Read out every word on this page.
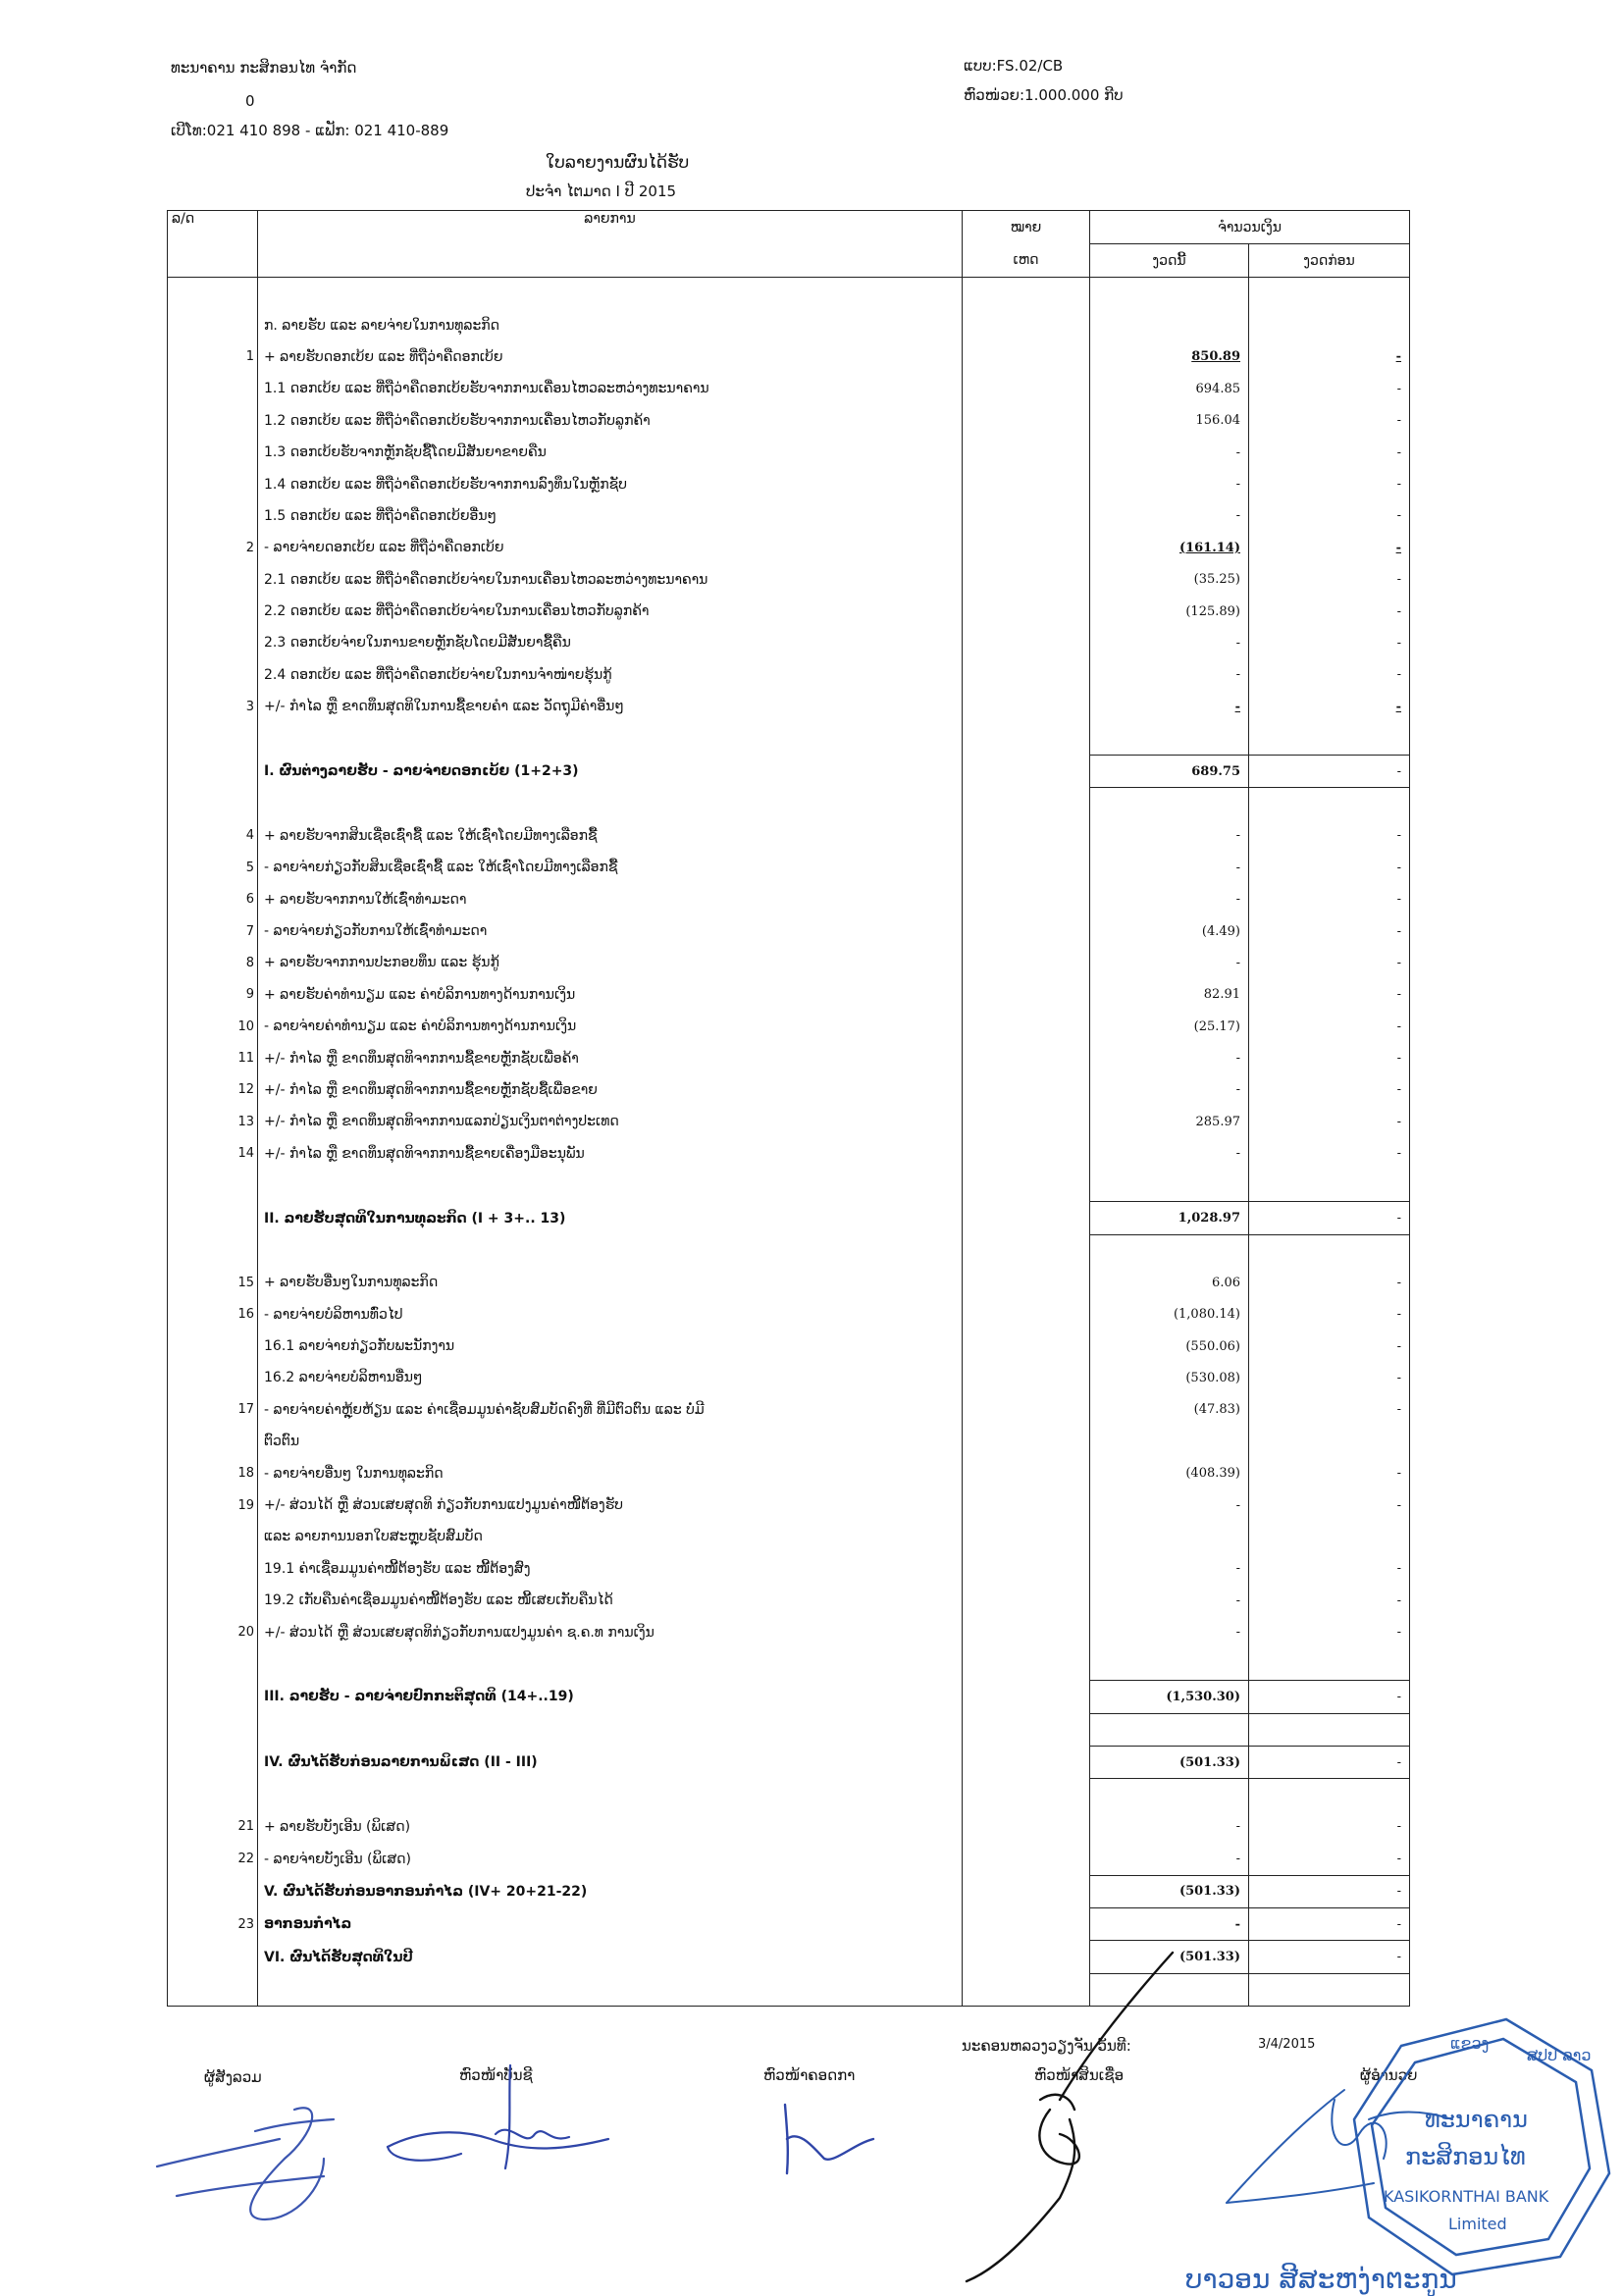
ທະນາຄານ ກະສິກອນໄທ ຈຳກັດ
0
ເບີໂທ:021 410 898 - ແຟັກ: 021 410-889
ແບບ:FS.02/CB
ຫົວໜ່ວຍ:1.000.000 ກີບ
ໃບລາຍງານຜົນໄດ້ຮັບ
ປະຈຳ ໄຕມາດ I ປີ 2015
ລ/ດ	ລາຍການ	ໝາຍ	ຈຳນວນເງິນ	
		ເຫດ	ງວດນີ້	ງວດກ່ອນ

	ກ. ລາຍຮັບ ແລະ ລາຍຈ່າຍໃນການທຸລະກິດ			
1	+ ລາຍຮັບດອກເບ້ຍ ແລະ ທີ່ຖືວ່າຄືດອກເບ້ຍ		850.89	-
	1.1 ດອກເບ້ຍ ແລະ ທີ່ຖືວ່າຄືດອກເບ້ຍຮັບຈາກການເຄື່ອນໄຫວລະຫວ່າງທະນາຄານ		694.85	-
	1.2 ດອກເບ້ຍ ແລະ ທີ່ຖືວ່າຄືດອກເບ້ຍຮັບຈາກການເຄື່ອນໄຫວກັບລູກຄ້າ		156.04	-
	1.3 ດອກເບ້ຍຮັບຈາກຫຼັກຊັບຊື້ໂດຍມີສັນຍາຂາຍຄືນ		-	-
	1.4 ດອກເບ້ຍ ແລະ ທີ່ຖືວ່າຄືດອກເບ້ຍຮັບຈາກການລົງທຶນໃນຫຼັກຊັບ		-	-
	1.5 ດອກເບ້ຍ ແລະ ທີ່ຖືວ່າຄືດອກເບ້ຍອື່ນໆ		-	-
2	- ລາຍຈ່າຍດອກເບ້ຍ ແລະ ທີ່ຖືວ່າຄືດອກເບ້ຍ		(161.14)	-
	2.1 ດອກເບ້ຍ ແລະ ທີ່ຖືວ່າຄືດອກເບ້ຍຈ່າຍໃນການເຄື່ອນໄຫວລະຫວ່າງທະນາຄານ		(35.25)	-
	2.2 ດອກເບ້ຍ ແລະ ທີ່ຖືວ່າຄືດອກເບ້ຍຈ່າຍໃນການເຄື່ອນໄຫວກັບລູກຄ້າ		(125.89)	-
	2.3 ດອກເບ້ຍຈ່າຍໃນການຂາຍຫຼັກຊັບໂດຍມີສັນຍາຊື້ຄືນ		-	-
	2.4 ດອກເບ້ຍ ແລະ ທີ່ຖືວ່າຄືດອກເບ້ຍຈ່າຍໃນການຈຳໜ່າຍຮຸ້ນກູ້		-	-
3	+/- ກຳໄລ ຫຼື ຂາດທຶນສຸດທິໃນການຊື້ຂາຍຄຳ ແລະ ວັດຖຸມີຄ່າອື່ນໆ		-	-

	I. ຜົນຕ່າງລາຍຮັບ - ລາຍຈ່າຍດອກເບ້ຍ (1+2+3)		689.75	-

4	+ ລາຍຮັບຈາກສິນເຊື່ອເຊົ່າຊື້ ແລະ ໃຫ້ເຊົ່າໂດຍມີທາງເລືອກຊື້		-	-
5	- ລາຍຈ່າຍກ່ຽວກັບສິນເຊື່ອເຊົ່າຊື້ ແລະ ໃຫ້ເຊົ່າໂດຍມີທາງເລືອກຊື້		-	-
6	+ ລາຍຮັບຈາກການໃຫ້ເຊົ່າທຳມະດາ		-	-
7	- ລາຍຈ່າຍກ່ຽວກັບການໃຫ້ເຊົ່າທຳມະດາ		(4.49)	-
8	+ ລາຍຮັບຈາກການປະກອບທຶນ ແລະ ຮຸ້ນກູ້		-	-
9	+ ລາຍຮັບຄ່າທຳນຽມ ແລະ ຄ່າບໍລິການທາງດ້ານການເງິນ		82.91	-
10	- ລາຍຈ່າຍຄ່າທຳນຽມ ແລະ ຄ່າບໍລິການທາງດ້ານການເງິນ		(25.17)	-
11	+/- ກຳໄລ ຫຼື ຂາດທຶນສຸດທິຈາກການຊື້ຂາຍຫຼັກຊັບເພື່ອຄ້າ		-	-
12	+/- ກຳໄລ ຫຼື ຂາດທຶນສຸດທິຈາກການຊື້ຂາຍຫຼັກຊັບຊື້ເພື່ອຂາຍ		-	-
13	+/- ກຳໄລ ຫຼື ຂາດທຶນສຸດທິຈາກການແລກປ່ຽນເງິນຕາຕ່າງປະເທດ		285.97	-
14	+/- ກຳໄລ ຫຼື ຂາດທຶນສຸດທິຈາກການຊື້ຂາຍເຄື່ອງມືອະນຸພັນ		-	-

	II. ລາຍຮັບສຸດທິໃນການທຸລະກິດ (I + 3+.. 13)		1,028.97	-

15	+ ລາຍຮັບອື່ນໆໃນການທຸລະກິດ		6.06	-
16	- ລາຍຈ່າຍບໍລິຫານທົ່ວໄປ		(1,080.14)	-
	16.1 ລາຍຈ່າຍກ່ຽວກັບພະນັກງານ		(550.06)	-
	16.2 ລາຍຈ່າຍບໍລິຫານອື່ນໆ		(530.08)	-
17	- ລາຍຈ່າຍຄ່າຫຼຸ້ຍຫ້ຽນ ແລະ ຄ່າເຊື່ອມມູນຄ່າຊັບສົມບັດຄົງທີ່ ທີ່ມີຕົວຕົນ ແລະ ບໍ່ມີ		(47.83)	-
	ຕົວຕົນ			
18	- ລາຍຈ່າຍອື່ນໆ ໃນການທຸລະກິດ		(408.39)	-
19	+/- ສ່ວນໄດ້ ຫຼື ສ່ວນເສຍສຸດທິ ກ່ຽວກັບການແປງມູນຄ່າໜີ້ຕ້ອງຮັບ		-	-
	ແລະ ລາຍການນອກໃບສະຫຼຸບຊັບສົມບັດ			
	19.1 ຄ່າເຊື່ອມມູນຄ່າໜີ້ຕ້ອງຮັບ ແລະ ໜີ້ຕ້ອງສົງ		-	-
	19.2 ເກັບຄືນຄ່າເຊື່ອມມູນຄ່າໜີ້ຕ້ອງຮັບ ແລະ ໜີ້ເສຍເກັບຄືນໄດ້		-	-
20	+/- ສ່ວນໄດ້ ຫຼື ສ່ວນເສຍສຸດທິກ່ຽວກັບການແປງມູນຄ່າ ຊ.ຄ.ທ ການເງິນ		-	-

	III. ລາຍຮັບ - ລາຍຈ່າຍປົກກະຕິສຸດທິ (14+..19)		(1,530.30)	-

	IV. ຜົນໄດ້ຮັບກ່ອນລາຍການພິເສດ (II - III)		(501.33)	-

21	+ ລາຍຮັບບັງເອີນ (ພິເສດ)		-	-
22	- ລາຍຈ່າຍບັງເອີນ (ພິເສດ)		-	-
	V. ຜົນໄດ້ຮັບກ່ອນອາກອນກຳໄລ (IV+ 20+21-22)		(501.33)	-
23	ອາກອນກຳໄລ		-	-
	VI. ຜົນໄດ້ຮັບສຸດທິໃນປີ		(501.33)	-

ນະຄອນຫລວງວຽງຈັນ ວັນທີ:	3/4/2015
ຜູ້ສັງລວມ	ຫົວໜ້າບັນຊີ	ຫົວໜ້າຄອດກາ	ຫົວໜ້າສິນເຊື່ອ	ຜູ້ອຳນວຍ
ແຂວງ
ສປປ ລາວ
ທະນາຄານ
ກະສິກອນໄທ
KASIKORNTHAI BANK
Limited
ບາວອນ ສີສະຫງ່າຕະກູນ
